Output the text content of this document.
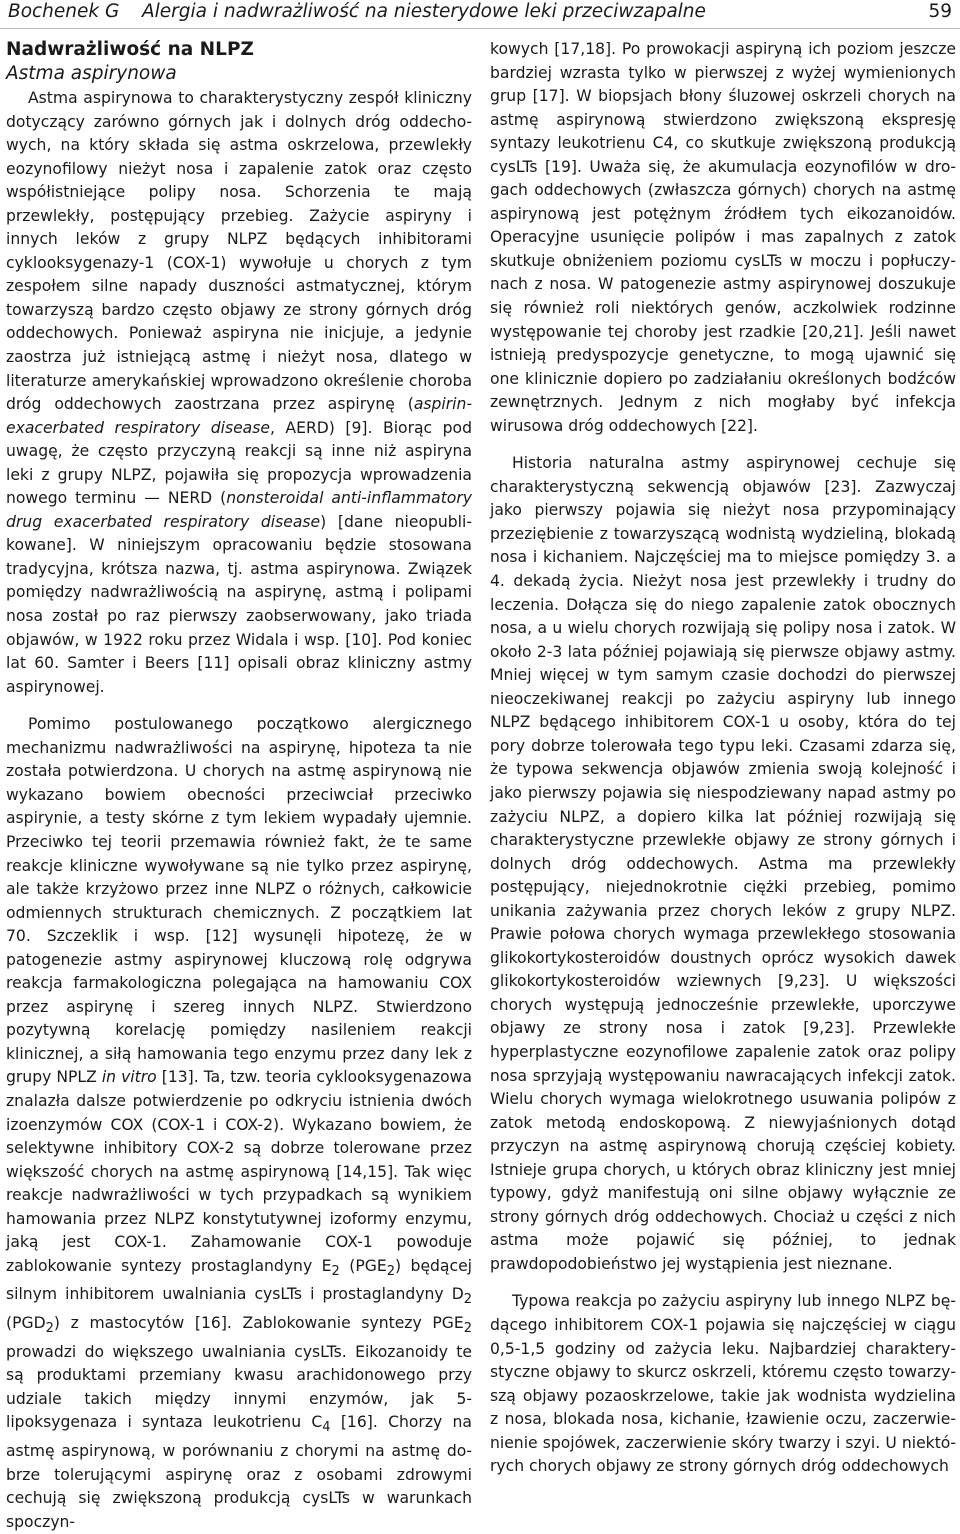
Bochenek G Alergia i nadwrażliwość na niesterydowe leki przeciwzapalne	59
Nadwrażliwość na NLPZ
Astma aspirynowa

Astma aspirynowa to charakterystyczny zespół kliniczny dotyczący zarówno górnych jak i dolnych dróg oddechowych, na który składa się astma oskrzelowa, przewlekły eozynofilowy nieżyt nosa i zapalenie zatok oraz często współistniejące polipy nosa. Schorzenia te mają przewlekły, postępujący przebieg. Zażycie aspiryny i innych leków z grupy NLPZ będących inhibitorami cyklooksygenazy-1 (COX-1) wywołuje u chorych z tym zespołem silne napady duszności astmatycznej, którym towarzyszą bardzo często objawy ze strony górnych dróg oddechowych. Ponieważ aspiryna nie inicjuje, a jedynie zaostrza już istniejącą astmę i nieżyt nosa, dlatego w literaturze amerykańskiej wprowadzono określenie choroba dróg oddechowych zaostrzana przez aspirynę (aspirin-exacerbated respiratory disease, AERD) [9]. Biorąc pod uwagę, że często przyczyną reakcji są inne niż aspiryna leki z grupy NLPZ, pojawiła się propozycja wprowadzenia nowego terminu — NERD (nonsteroidal anti-inflammatory drug exacerbated respiratory disease) [dane nieopublikowane]. W niniejszym opracowaniu będzie stosowana tradycyjna, krótsza nazwa, tj. astma aspirynowa. Związek pomiędzy nadwrażliwością na aspirynę, astmą i polipami nosa został po raz pierwszy zaobserwowany, jako triada objawów, w 1922 roku przez Widala i wsp. [10]. Pod koniec lat 60. Samter i Beers [11] opisali obraz kliniczny astmy aspirynowej.

Pomimo postulowanego początkowo alergicznego mechanizmu nadwrażliwości na aspirynę, hipoteza ta nie została potwierdzona. U chorych na astmę aspirynową nie wykazano bowiem obecności przeciwciał przeciwko aspirynie, a testy skórne z tym lekiem wypadały ujemnie. Przeciwko tej teorii przemawia również fakt, że te same reakcje kliniczne wywoływane są nie tylko przez aspirynę, ale także krzyżowo przez inne NLPZ o różnych, całkowicie odmiennych strukturach chemicznych. Z początkiem lat 70. Szczeklik i wsp. [12] wysunęli hipotezę, że w patogenezie astmy aspirynowej kluczową rolę odgrywa reakcja farmakologiczna polegająca na hamowaniu COX przez aspirynę i szereg innych NLPZ. Stwierdzono pozytywną korelację pomiędzy nasileniem reakcji klinicznej, a siłą hamowania tego enzymu przez dany lek z grupy NPLZ in vitro [13]. Ta, tzw. teoria cyklooksygenazowa znalazła dalsze potwierdzenie po odkryciu istnienia dwóch izoenzymów COX (COX-1 i COX-2). Wykazano bowiem, że selektywne inhibitory COX-2 są dobrze tolerowane przez większość chorych na astmę aspirynową [14,15]. Tak więc reakcje nadwrażliwości w tych przypadkach są wynikiem hamowania przez NLPZ konstytutywnej izoformy enzymu, jaką jest COX-1. Zahamowanie COX-1 powoduje zablokowanie syntezy prostaglandyny $E_2$ $(PGE_2)$ będącej silnym inhibitorem uwalniania cysLTs i prostaglandyny $D_2$ $(PGD_2)$ z mastocytów [16]. Zablokowanie syntezy $PGE_2$ prowadzi do większego uwalniania cysLTs. Eikozanoidy te są produktami przemiany kwasu arachidonowego przy udziale takich między innymi enzymów, jak 5-lipoksygenaza i syntaza leukotrienu $C_4$ [16]. Chorzy na astmę aspirynową, w porównaniu z chorymi na astmę dobrze tolerującymi aspirynę oraz z osobami zdrowymi cechują się zwiększoną produkcją cysLTs w warunkach spoczyn-

kowych [17,18]. Po prowokacji aspiryną ich poziom jeszcze bardziej wzrasta tylko w pierwszej z wyżej wymienionych grup [17]. W biopsjach błony śluzowej oskrzeli chorych na astmę aspirynową stwierdzono zwiększoną ekspresję syntazy leukotrienu C4, co skutkuje zwiększoną produkcją cysLTs [19]. Uważa się, że akumulacja eozynofilów w drogach oddechowych (zwłaszcza górnych) chorych na astmę aspirynową jest potężnym źródłem tych eikozanoidów. Operacyjne usunięcie polipów i mas zapalnych z zatok skutkuje obniżeniem poziomu cysLTs w moczu i popłuczynach z nosa. W patogenezie astmy aspirynowej doszukuje się również roli niektórych genów, aczkolwiek rodzinne występowanie tej choroby jest rzadkie [20,21]. Jeśli nawet istnieją predyspozycje genetyczne, to mogą ujawnić się one klinicznie dopiero po zadziałaniu określonych bodźców zewnętrznych. Jednym z nich mogłaby być infekcja wirusowa dróg oddechowych [22].

Historia naturalna astmy aspirynowej cechuje się charakterystyczną sekwencją objawów [23]. Zazwyczaj jako pierwszy pojawia się nieżyt nosa przypominający przeziębienie z towarzyszącą wodnistą wydzieliną, blokadą nosa i kichaniem. Najczęściej ma to miejsce pomiędzy 3. a 4. dekadą życia. Nieżyt nosa jest przewlekły i trudny do leczenia. Dołącza się do niego zapalenie zatok obocznych nosa, a u wielu chorych rozwijają się polipy nosa i zatok. W około 2-3 lata później pojawiają się pierwsze objawy astmy. Mniej więcej w tym samym czasie dochodzi do pierwszej nieoczekiwanej reakcji po zażyciu aspiryny lub innego NLPZ będącego inhibitorem COX-1 u osoby, która do tej pory dobrze tolerowała tego typu leki. Czasami zdarza się, że typowa sekwencja objawów zmienia swoją kolejność i jako pierwszy pojawia się niespodziewany napad astmy po zażyciu NLPZ, a dopiero kilka lat później rozwijają się charakterystyczne przewlekłe objawy ze strony górnych i dolnych dróg oddechowych. Astma ma przewlekły postępujący, niejednokrotnie ciężki przebieg, pomimo unikania zażywania przez chorych leków z grupy NLPZ. Prawie połowa chorych wymaga przewlekłego stosowania glikokortykosteroidów doustnych oprócz wysokich dawek glikokortykosteroidów wziewnych [9,23]. U większości chorych występują jednocześnie przewlekłe, uporczywe objawy ze strony nosa i zatok [9,23]. Przewlekłe hyperplastyczne eozynofilowe zapalenie zatok oraz polipy nosa sprzyjają występowaniu nawracających infekcji zatok. Wielu chorych wymaga wielokrotnego usuwania polipów z zatok metodą endoskopową. Z niewyjaśnionych dotąd przyczyn na astmę aspirynową chorują częściej kobiety. Istnieje grupa chorych, u których obraz kliniczny jest mniej typowy, gdyż manifestują oni silne objawy wyłącznie ze strony górnych dróg oddechowych. Chociaż u części z nich astma może pojawić się później, to jednak prawdopodobieństwo jej wystąpienia jest nieznane.

Typowa reakcja po zażyciu aspiryny lub innego NLPZ będącego inhibitorem COX-1 pojawia się najczęściej w ciągu 0,5-1,5 godziny od zażycia leku. Najbardziej charakterystyczne objawy to skurcz oskrzeli, któremu często towarzyszą objawy pozaoskrzelowe, takie jak wodnista wydzielina z nosa, blokada nosa, kichanie, łzawienie oczu, zaczerwienienie spojówek, zaczerwienie skóry twarzy i szyi. U niektórych chorych objawy ze strony górnych dróg oddechowych
